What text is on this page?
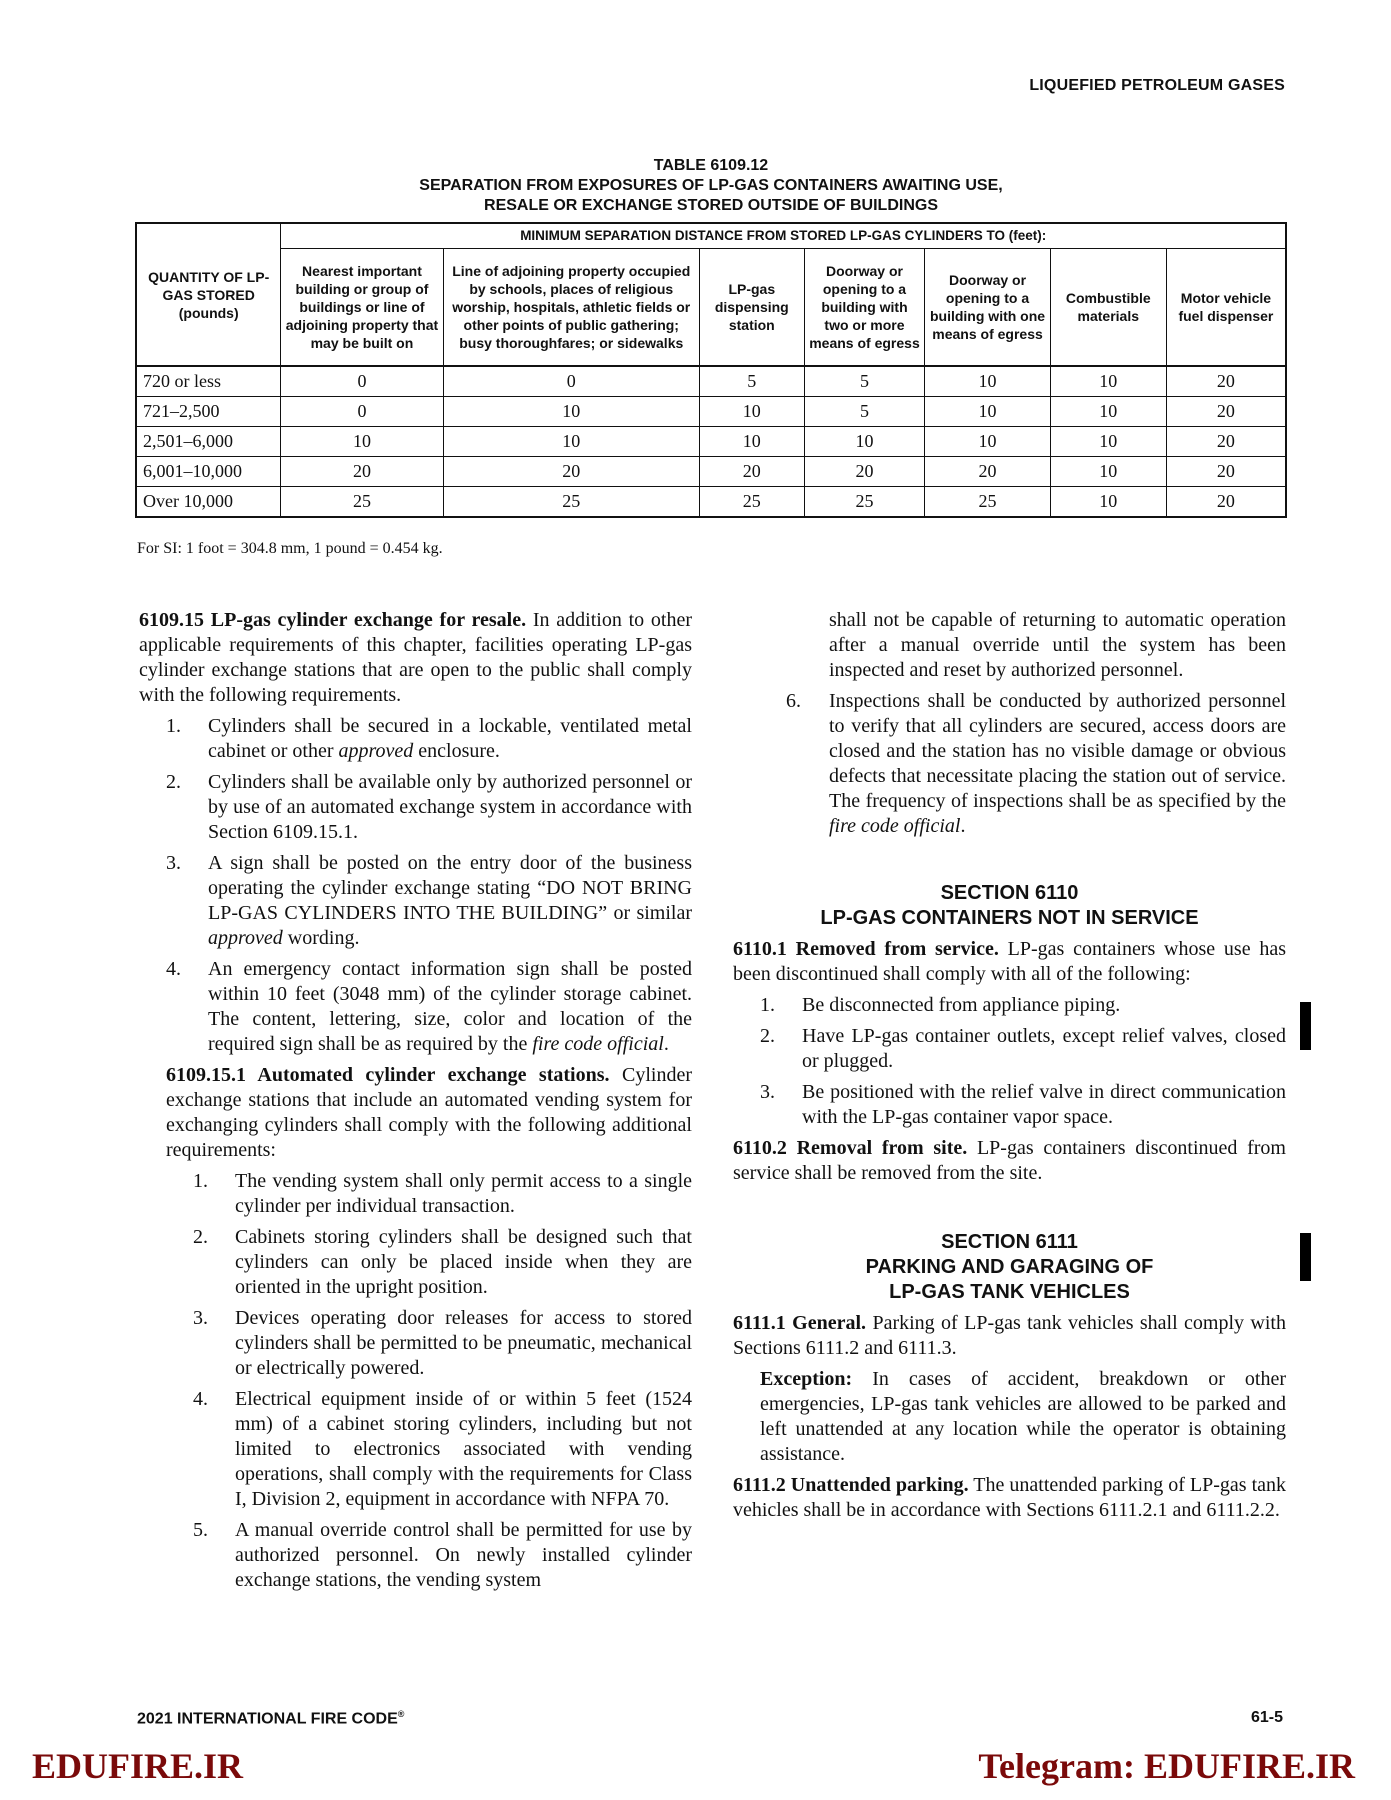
LIQUEFIED PETROLEUM GASES
TABLE 6109.12
SEPARATION FROM EXPOSURES OF LP-GAS CONTAINERS AWAITING USE,
RESALE OR EXCHANGE STORED OUTSIDE OF BUILDINGS
QUANTITY OF LP-GAS STORED (pounds)	MINIMUM SEPARATION DISTANCE FROM STORED LP-GAS CYLINDERS TO (feet):						
	Nearest important building or group of buildings or line of adjoining property that may be built on	Line of adjoining property occupied by schools, places of religious worship, hospitals, athletic fields or other points of public gathering; busy thoroughfares; or sidewalks	LP-gas dispensing station	Doorway or opening to a building with two or more means of egress	Doorway or opening to a building with one means of egress	Combustible materials	Motor vehicle fuel dispenser
720 or less	0	0	5	5	10	10	20
721–2,500	0	10	10	5	10	10	20
2,501–6,000	10	10	10	10	10	10	20
6,001–10,000	20	20	20	20	20	10	20
Over 10,000	25	25	25	25	25	10	20
For SI: 1 foot = 304.8 mm, 1 pound = 0.454 kg.

6109.15 LP-gas cylinder exchange for resale. In addition to other applicable requirements of this chapter, facilities operating LP-gas cylinder exchange stations that are open to the public shall comply with the following requirements.

1. Cylinders shall be secured in a lockable, ventilated metal cabinet or other approved enclosure.
2. Cylinders shall be available only by authorized personnel or by use of an automated exchange system in accordance with Section 6109.15.1.
3. A sign shall be posted on the entry door of the business operating the cylinder exchange stating “DO NOT BRING LP-GAS CYLINDERS INTO THE BUILDING” or similar approved wording.
4. An emergency contact information sign shall be posted within 10 feet (3048 mm) of the cylinder storage cabinet. The content, lettering, size, color and location of the required sign shall be as required by the fire code official.

6109.15.1 Automated cylinder exchange stations. Cylinder exchange stations that include an automated vending system for exchanging cylinders shall comply with the following additional requirements:

1. The vending system shall only permit access to a single cylinder per individual transaction.
2. Cabinets storing cylinders shall be designed such that cylinders can only be placed inside when they are oriented in the upright position.
3. Devices operating door releases for access to stored cylinders shall be permitted to be pneumatic, mechanical or electrically powered.
4. Electrical equipment inside of or within 5 feet (1524 mm) of a cabinet storing cylinders, including but not limited to electronics associated with vending operations, shall comply with the requirements for Class I, Division 2, equipment in accordance with NFPA 70.
5. A manual override control shall be permitted for use by authorized personnel. On newly installed cylinder exchange stations, the vending system

shall not be capable of returning to automatic operation after a manual override until the system has been inspected and reset by authorized personnel.

6. Inspections shall be conducted by authorized personnel to verify that all cylinders are secured, access doors are closed and the station has no visible damage or obvious defects that necessitate placing the station out of service. The frequency of inspections shall be as specified by the fire code official.
SECTION 6110
LP-GAS CONTAINERS NOT IN SERVICE

6110.1 Removed from service. LP-gas containers whose use has been discontinued shall comply with all of the following:

1. Be disconnected from appliance piping.
2. Have LP-gas container outlets, except relief valves, closed or plugged.
3. Be positioned with the relief valve in direct communication with the LP-gas container vapor space.

6110.2 Removal from site. LP-gas containers discontinued from service shall be removed from the site.

SECTION 6111
PARKING AND GARAGING OF
LP-GAS TANK VEHICLES

6111.1 General. Parking of LP-gas tank vehicles shall comply with Sections 6111.2 and 6111.3.

Exception: In cases of accident, breakdown or other emergencies, LP-gas tank vehicles are allowed to be parked and left unattended at any location while the operator is obtaining assistance.

6111.2 Unattended parking. The unattended parking of LP-gas tank vehicles shall be in accordance with Sections 6111.2.1 and 6111.2.2.

2021 INTERNATIONAL FIRE CODE®	61-5
EDUFIRE.IR	Telegram: EDUFIRE.IR
